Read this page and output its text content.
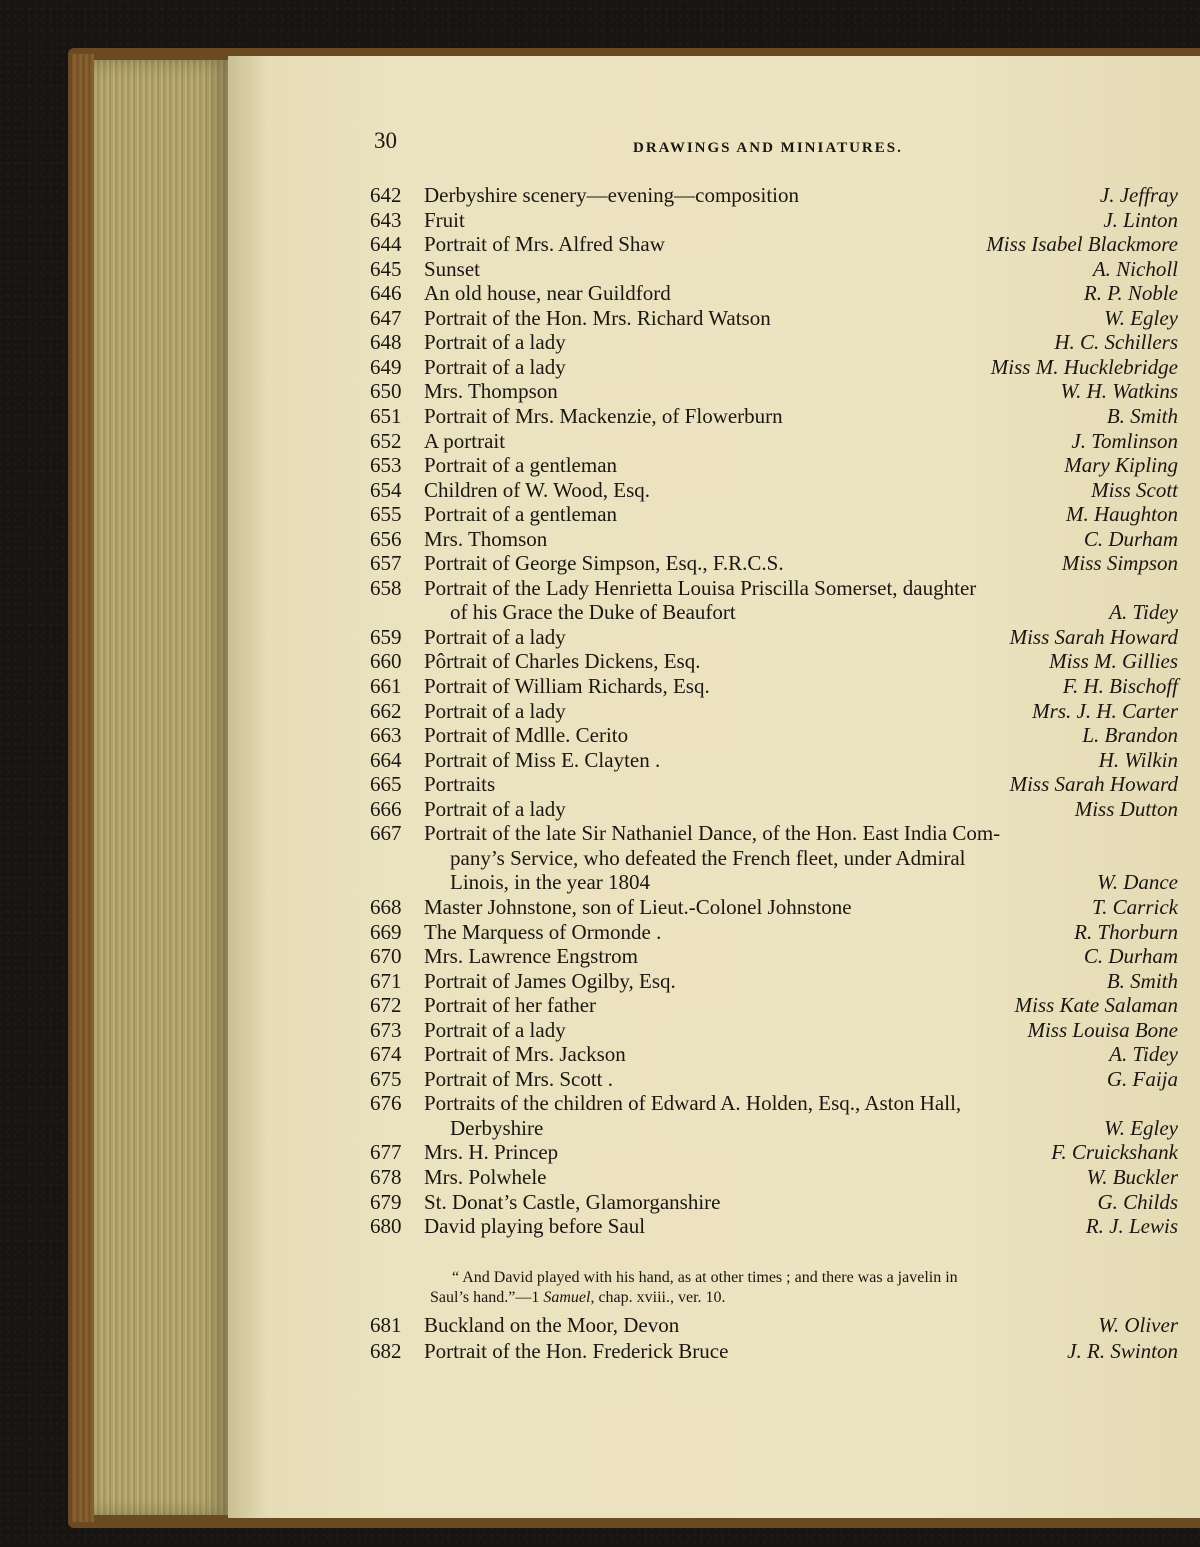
30	DRAWINGS AND MINIATURES.
642 Derbyshire scenery—evening—composition	J. Jeffray
643 Fruit	J. Linton
644 Portrait of Mrs. Alfred Shaw	Miss Isabel Blackmore
645 Sunset	A. Nicholl
646 An old house, near Guildford	R. P. Noble
647 Portrait of the Hon. Mrs. Richard Watson	W. Egley
648 Portrait of a lady	H. C. Schillers
649 Portrait of a lady	Miss M. Hucklebridge
650 Mrs. Thompson	W. H. Watkins
651 Portrait of Mrs. Mackenzie, of Flowerburn	B. Smith
652 A portrait	J. Tomlinson
653 Portrait of a gentleman	Mary Kipling
654 Children of W. Wood, Esq.	Miss Scott
655 Portrait of a gentleman	M. Haughton
656 Mrs. Thomson	C. Durham
657 Portrait of George Simpson, Esq., F.R.C.S.	Miss Simpson
658 Portrait of the Lady Henrietta Louisa Priscilla Somerset, daughter
of his Grace the Duke of Beaufort	A. Tidey
659 Portrait of a lady	Miss Sarah Howard
660 Pôrtrait of Charles Dickens, Esq.	Miss M. Gillies
661 Portrait of William Richards, Esq.	F. H. Bischoff
662 Portrait of a lady	Mrs. J. H. Carter
663 Portrait of Mdlle. Cerito	L. Brandon
664 Portrait of Miss E. Clayten .	H. Wilkin
665 Portraits	Miss Sarah Howard
666 Portrait of a lady	Miss Dutton
667 Portrait of the late Sir Nathaniel Dance, of the Hon. East India Com-
pany’s Service, who defeated the French fleet, under Admiral
Linois, in the year 1804	W. Dance
668 Master Johnstone, son of Lieut.-Colonel Johnstone	T. Carrick
669 The Marquess of Ormonde .	R. Thorburn
670 Mrs. Lawrence Engstrom	C. Durham
671 Portrait of James Ogilby, Esq.	B. Smith
672 Portrait of her father	Miss Kate Salaman
673 Portrait of a lady	Miss Louisa Bone
674 Portrait of Mrs. Jackson	A. Tidey
675 Portrait of Mrs. Scott .	G. Faija
676 Portraits of the children of Edward A. Holden, Esq., Aston Hall,
Derbyshire	W. Egley
677 Mrs. H. Princep	F. Cruickshank
678 Mrs. Polwhele	W. Buckler
679 St. Donat’s Castle, Glamorganshire	G. Childs
680 David playing before Saul	R. J. Lewis
681 Buckland on the Moor, Devon	W. Oliver
682 Portrait of the Hon. Frederick Bruce	J. R. Swinton
“ And David played with his hand, as at other times ; and there was a javelin in
Saul’s hand.”—1 Samuel, chap. xviii., ver. 10.
